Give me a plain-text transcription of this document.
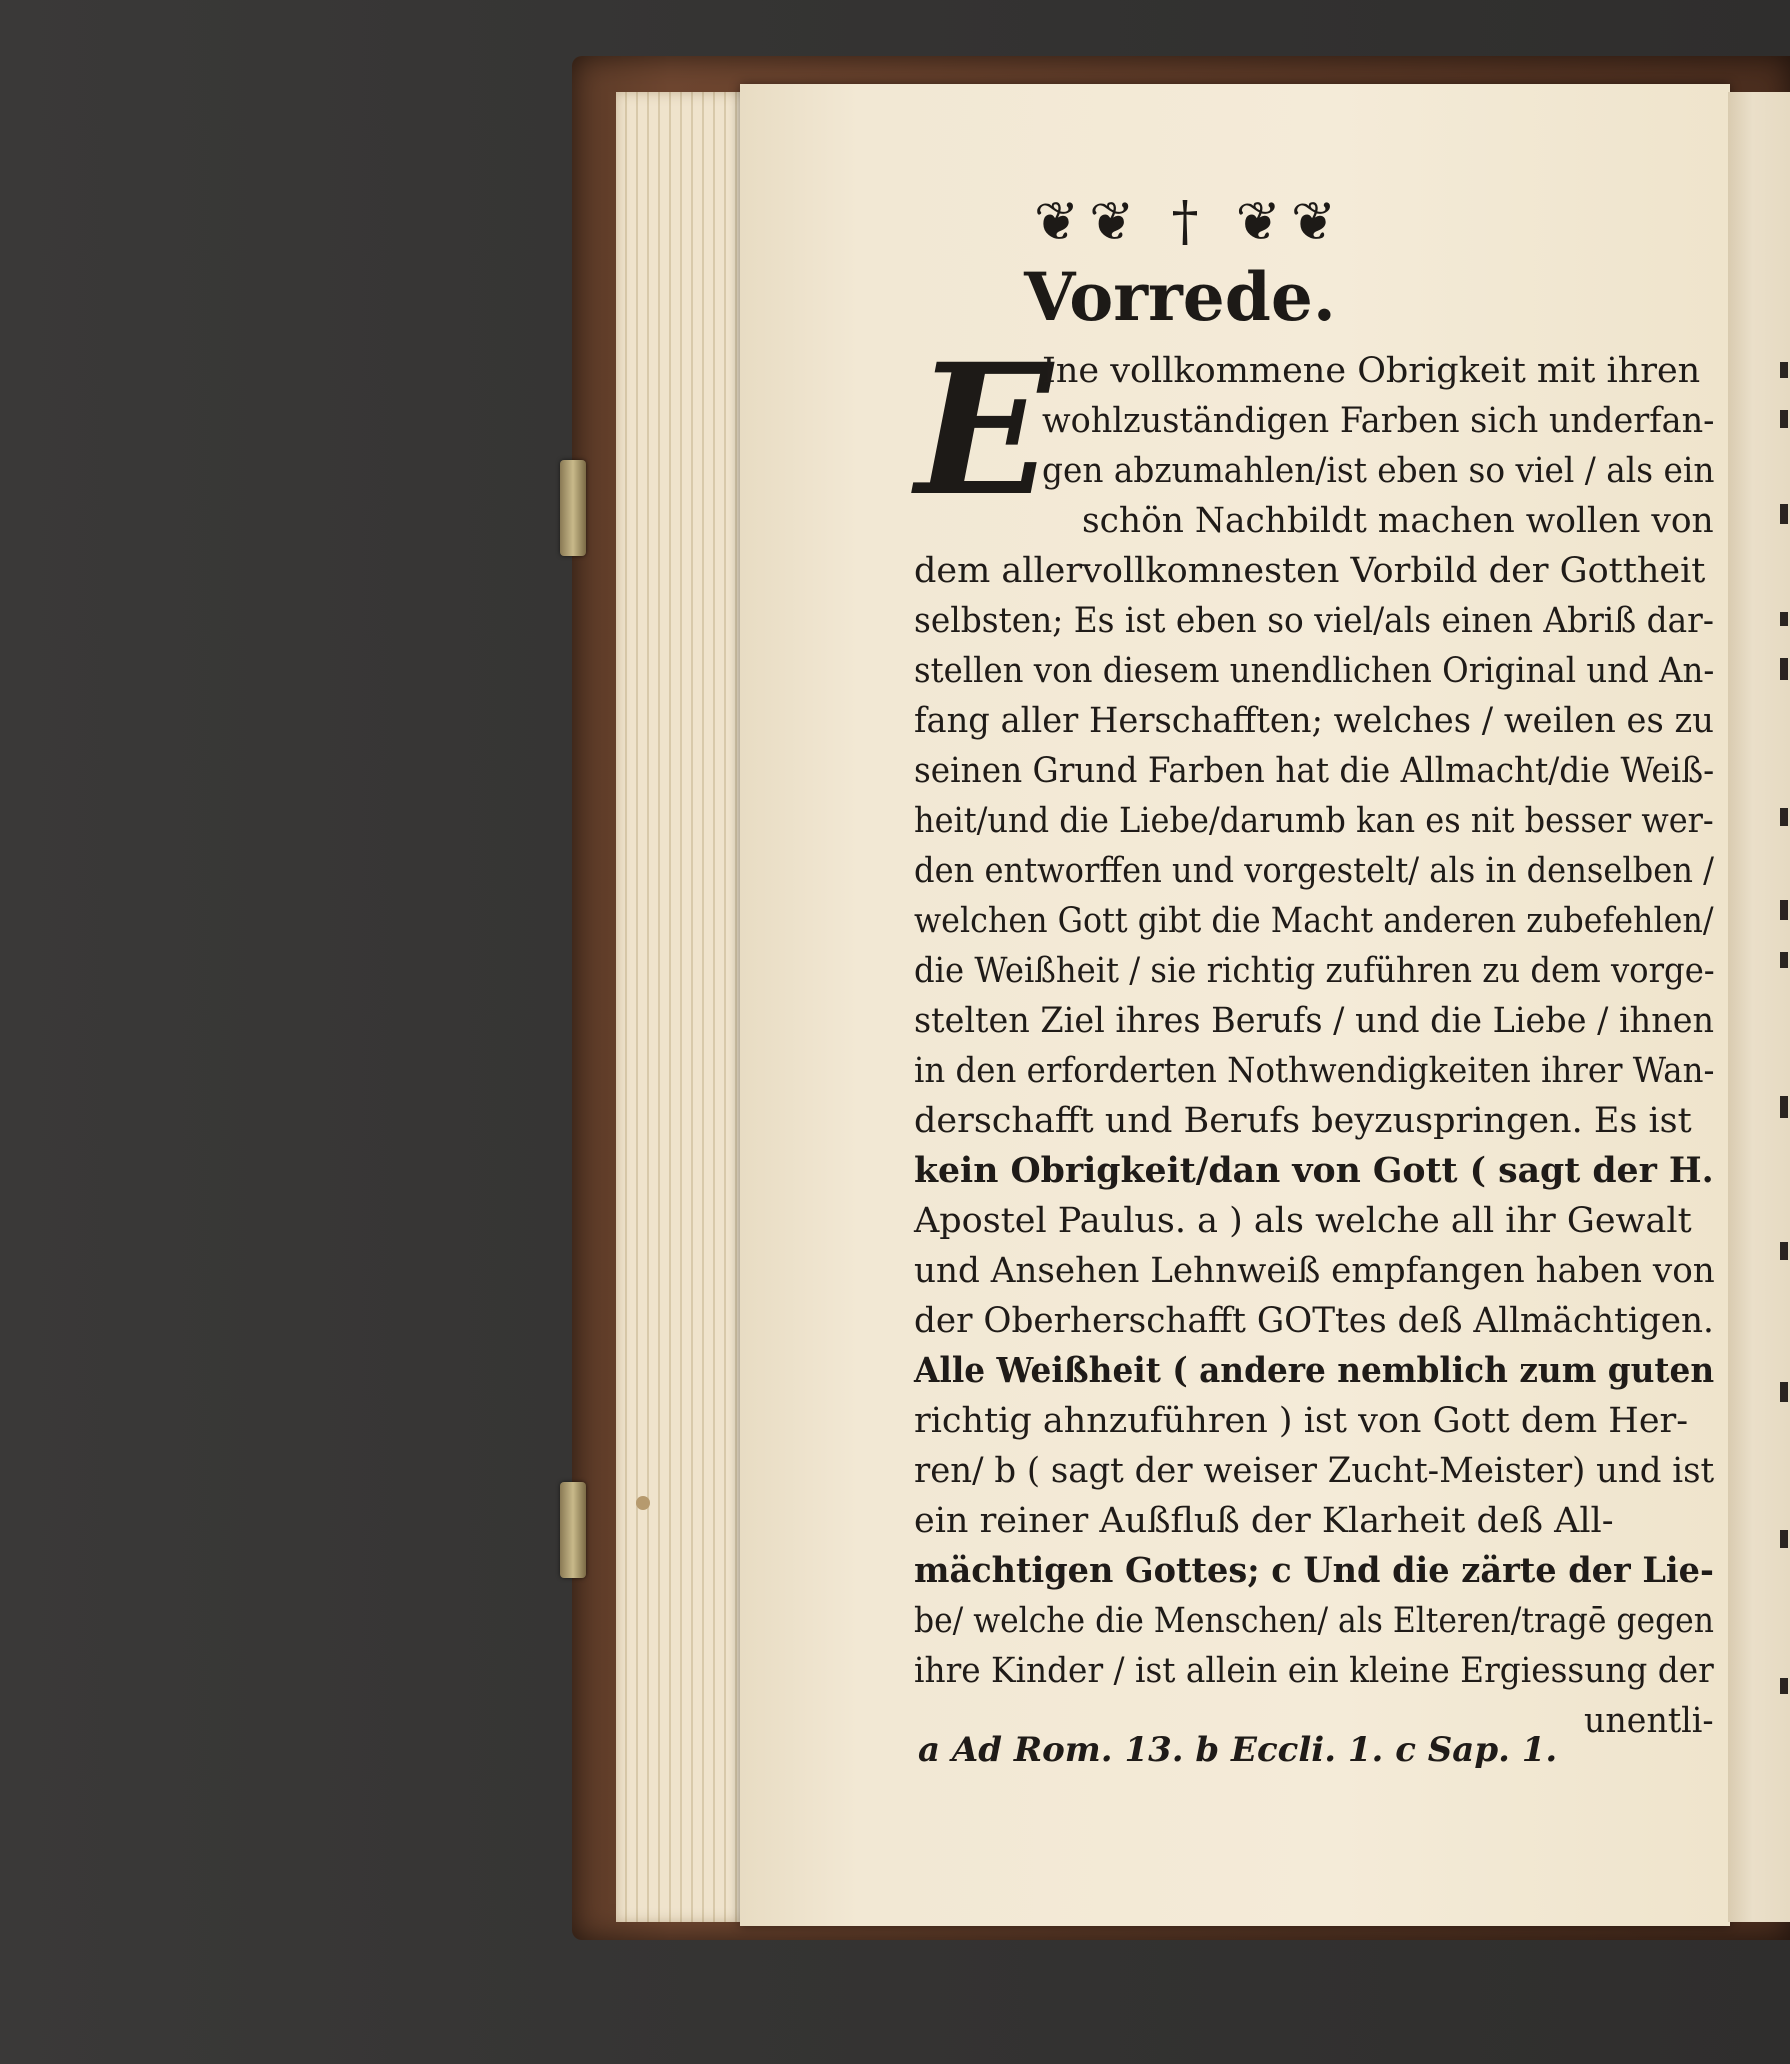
❦❦ † ❦❦
Vorrede.
E
Ine vollkommene Obrigkeit mit ihren
wohlzuständigen Farben sich underfan-
gen abzumahlen/ist eben so viel / als ein
schön Nachbildt machen wollen von
dem allervollkomnesten Vorbild der Gottheit
selbsten; Es ist eben so viel/als einen Abriß dar-
stellen von diesem unendlichen Original und An-
fang aller Herschafften; welches / weilen es zu
seinen Grund Farben hat die Allmacht/die Weiß-
heit/und die Liebe/darumb kan es nit besser wer-
den entworffen und vorgestelt/ als in denselben /
welchen Gott gibt die Macht anderen zubefehlen/
die Weißheit / sie richtig zuführen zu dem vorge-
stelten Ziel ihres Berufs / und die Liebe / ihnen
in den erforderten Nothwendigkeiten ihrer Wan-
derschafft und Berufs beyzuspringen. Es ist
kein Obrigkeit/dan von Gott ( sagt der H.
Apostel Paulus. a ) als welche all ihr Gewalt
und Ansehen Lehnweiß empfangen haben von
der Oberherschafft GOTtes deß Allmächtigen.
Alle Weißheit ( andere nemblich zum guten
richtig ahnzuführen ) ist von Gott dem Her-
ren/ b ( sagt der weiser Zucht-Meister) und ist
ein reiner Außfluß der Klarheit deß All-
mächtigen Gottes; c Und die zärte der Lie-
be/ welche die Menschen/ als Elteren/tragē gegen
ihre Kinder / ist allein ein kleine Ergiessung der
unentli-
a Ad Rom. 13. b Eccli. 1. c Sap. 1.
